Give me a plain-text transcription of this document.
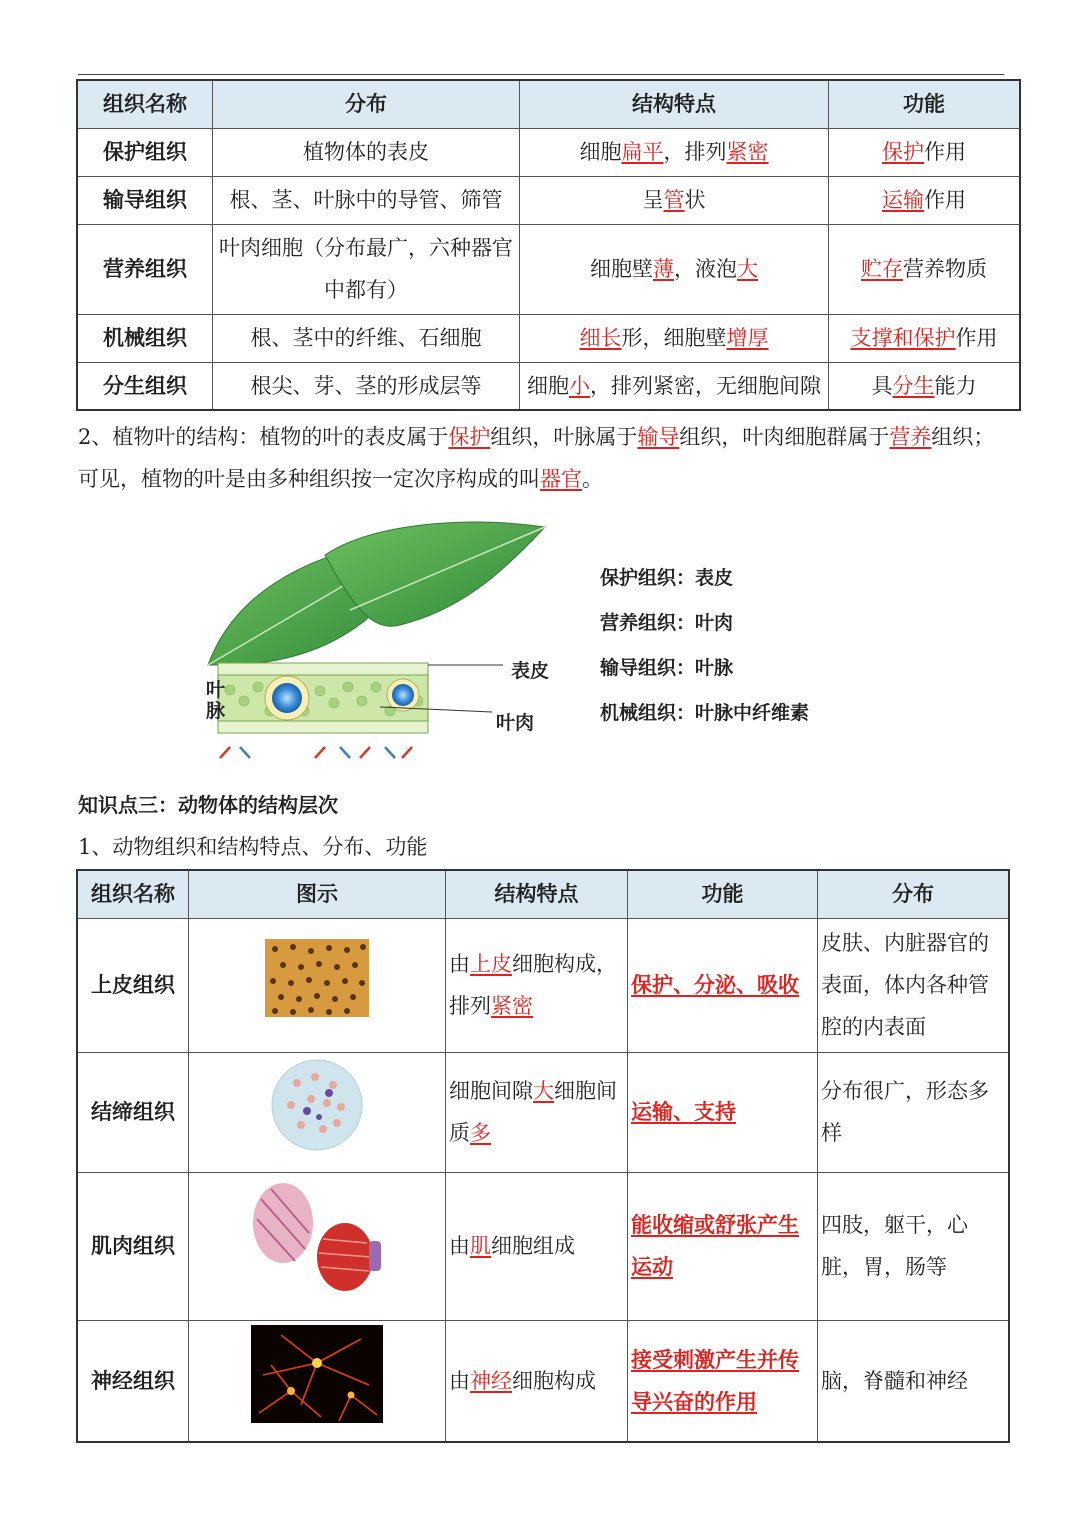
组织名称	分布	结构特点	功能
保护组织	植物体的表皮	细胞扁平，排列紧密	保护作用
输导组织	根、茎、叶脉中的导管、筛管	呈管状	运输作用
营养组织	叶肉细胞（分布最广，六种器官中都有）	细胞壁薄，液泡大	贮存营养物质
机械组织	根、茎中的纤维、石细胞	细长形，细胞壁增厚	支撑和保护作用
分生组织	根尖、芽、茎的形成层等	细胞小，排列紧密，无细胞间隙	具分生能力

2、植物叶的结构：植物的叶的表皮属于保护组织，叶脉属于输导组织，叶肉细胞群属于营养组织；可见，植物的叶是由多种组织按一定次序构成的叫器官。

表皮
叶肉
叶
脉
保护组织：表皮
营养组织：叶肉
输导组织：叶脉
机械组织：叶脉中纤维素

知识点三：动物体的结构层次

1、动物组织和结构特点、分布、功能

组织名称	图示	结构特点	功能	分布
上皮组织		由上皮细胞构成，排列紧密	保护、分泌、吸收	皮肤、内脏器官的表面，体内各种管腔的内表面
结缔组织		细胞间隙大细胞间质多	运输、支持	分布很广，形态多样
肌肉组织		由肌细胞组成	能收缩或舒张产生运动	四肢，躯干，心脏，胃，肠等
神经组织		由神经细胞构成	接受刺激产生并传导兴奋的作用	脑，脊髓和神经
